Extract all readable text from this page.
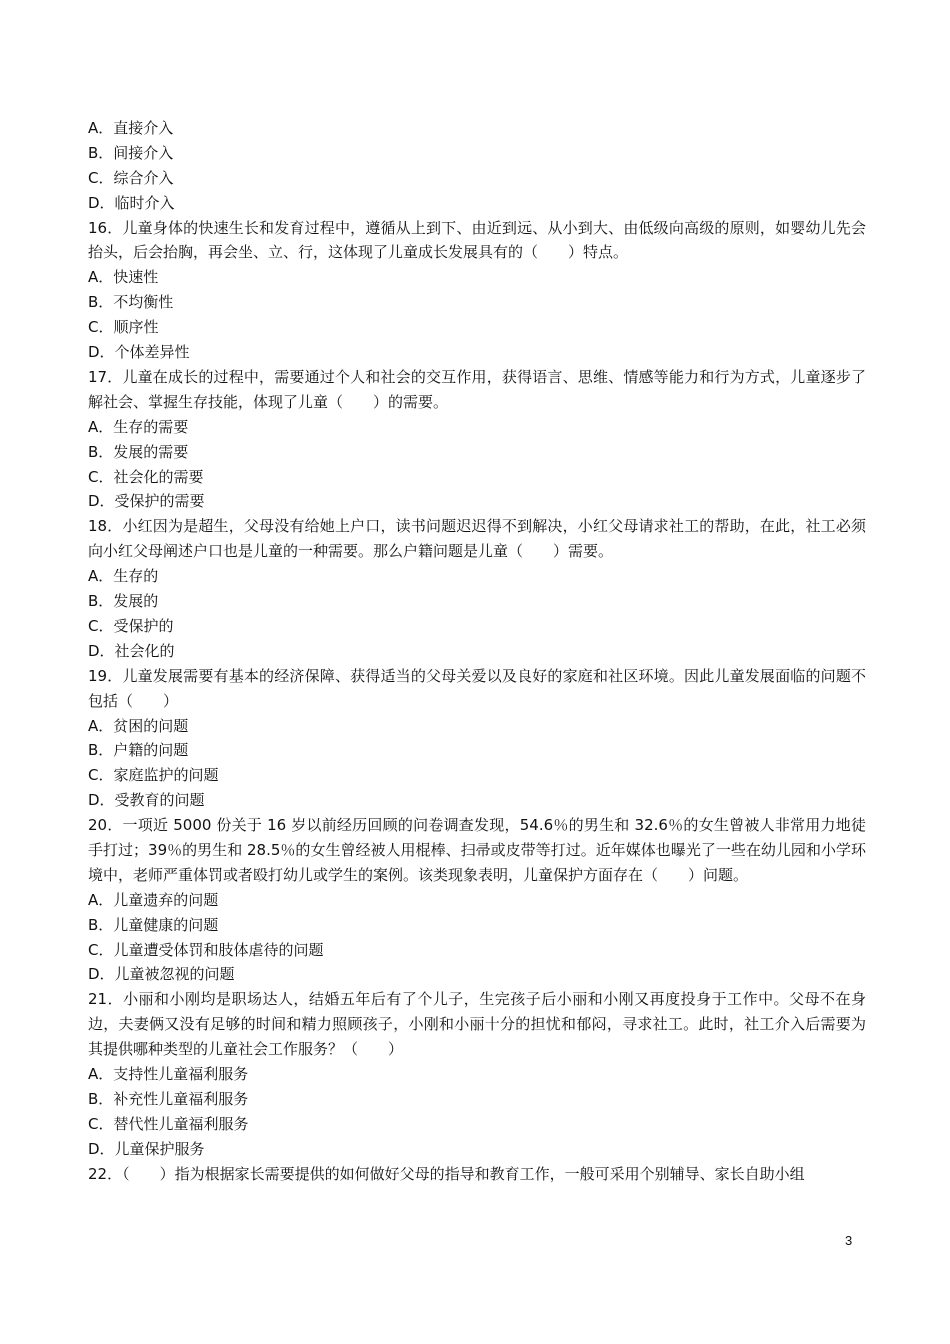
A．直接介入
B．间接介入
C．综合介入
D．临时介入
16．儿童身体的快速生长和发育过程中，遵循从上到下、由近到远、从小到大、由低级向高级的原则，如婴幼儿先会抬头，后会抬胸，再会坐、立、行，这体现了儿童成长发展具有的（　　）特点。
A．快速性
B．不均衡性
C．顺序性
D．个体差异性
17．儿童在成长的过程中，需要通过个人和社会的交互作用，获得语言、思维、情感等能力和行为方式，儿童逐步了解社会、掌握生存技能，体现了儿童（　　）的需要。
A．生存的需要
B．发展的需要
C．社会化的需要
D．受保护的需要
18．小红因为是超生，父母没有给她上户口，读书问题迟迟得不到解决，小红父母请求社工的帮助，在此，社工必须向小红父母阐述户口也是儿童的一种需要。那么户籍问题是儿童（　　）需要。
A．生存的
B．发展的
C．受保护的
D．社会化的
19．儿童发展需要有基本的经济保障、获得适当的父母关爱以及良好的家庭和社区环境。因此儿童发展面临的问题不包括（　　）
A．贫困的问题
B．户籍的问题
C．家庭监护的问题
D．受教育的问题
20．一项近 5000 份关于 16 岁以前经历回顾的问卷调查发现，54.6％的男生和 32.6％的女生曾被人非常用力地徒手打过；39％的男生和 28.5％的女生曾经被人用棍棒、扫帚或皮带等打过。近年媒体也曝光了一些在幼儿园和小学环境中，老师严重体罚或者殴打幼儿或学生的案例。该类现象表明，儿童保护方面存在（　　）问题。
A．儿童遗弃的问题
B．儿童健康的问题
C．儿童遭受体罚和肢体虐待的问题
D．儿童被忽视的问题
21．小丽和小刚均是职场达人，结婚五年后有了个儿子，生完孩子后小丽和小刚又再度投身于工作中。父母不在身边，夫妻俩又没有足够的时间和精力照顾孩子，小刚和小丽十分的担忧和郁闷，寻求社工。此时，社工介入后需要为其提供哪种类型的儿童社会工作服务？（　　）
A．支持性儿童福利服务
B．补充性儿童福利服务
C．替代性儿童福利服务
D．儿童保护服务
22．（　　）指为根据家长需要提供的如何做好父母的指导和教育工作，一般可采用个别辅导、家长自助小组
3
